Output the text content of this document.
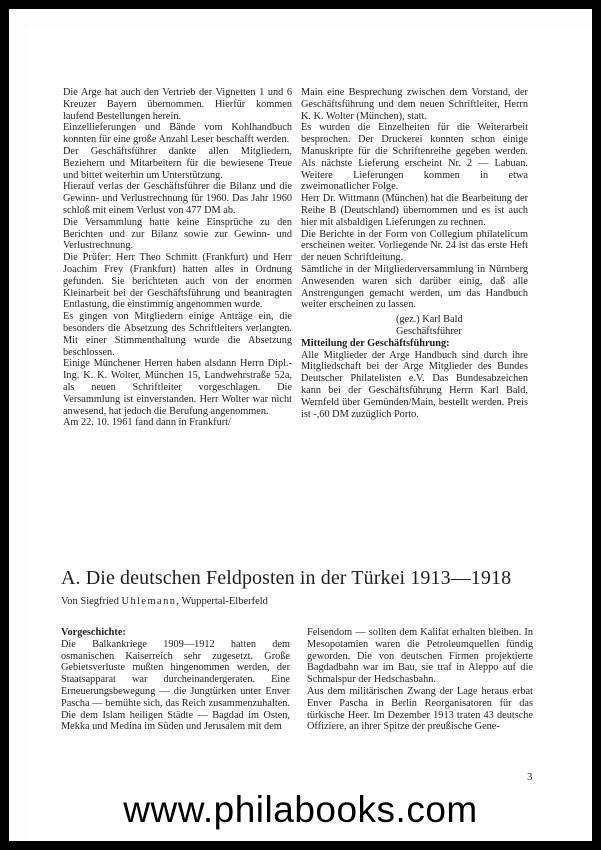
Die Arge hat auch den Vertrieb der Vignetten 1 und 6 Kreuzer Bayern übernommen. Hierfür kommen laufend Bestellungen herein.

Einzellieferungen und Bände vom Kohlhandbuch konnten für eine große Anzahl Leser beschafft werden.

Der Geschäftsführer dankte allen Mitgliedern, Beziehern und Mitarbeitern für die bewiesene Treue und bittet weiterhin um Unterstützung.

Hierauf verlas der Geschäftsführer die Bilanz und die Gewinn- und Verlustrechnung für 1960. Das Jahr 1960 schloß mit einem Verlust von 477 DM ab.

Die Versammlung hatte keine Einsprüche zu den Berichten und zur Bilanz sowie zur Gewinn- und Verlustrechnung.

Die Prüfer: Herr Theo Schmitt (Frankfurt) und Herr Joachim Frey (Frankfurt) hatten alles in Ordnung gefunden. Sie berichteten auch von der enormen Kleinarbeit bei der Geschäftsführung und beantragten Entlastung, die einstimmig angenommen wurde.

Es gingen von Mitgliedern einige Anträge ein, die besonders die Absetzung des Schriftleiters verlangten. Mit einer Stimmenthaltung wurde die Absetzung beschlossen.

Einige Münchener Herren haben alsdann Herrn Dipl.-Ing. K. K. Wolter, München 15, Landwehrstraße 52a, als neuen Schriftleiter vorgeschlagen. Die Versammlung ist einverstanden. Herr Wolter war nicht anwesend, hat jedoch die Berufung angenommen.

Am 22. 10. 1961 fand dann in Frankfurt/

Main eine Besprechung zwischen dem Vorstand, der Geschäftsführung und dem neuen Schriftleiter, Herrn K. K. Wolter (München), statt.

Es wurden die Einzelheiten für die Weiterarbeit besprochen. Der Druckerei konnten schon einige Manuskripte für die Schriftenreihe gegeben werden. Als nächste Lieferung erscheint Nr. 2 — Labuan. Weitere Lieferungen kommen in etwa zweimonatlicher Folge.

Herr Dr. Wittmann (München) hat die Bearbeitung der Reihe B (Deutschland) übernommen und es ist auch hier mit alsbaldigen Lieferungen zu rechnen.

Die Berichte in der Form von Collegium philatelicum erscheinen weiter. Vorliegende Nr. 24 ist das erste Heft der neuen Schriftleitung.

Sämtliche in der Mitgliederversammlung in Nürnberg Anwesenden waren sich darüber einig, daß alle Anstrengungen gemacht werden, um das Handbuch weiter erscheinen zu lassen.

(gez.) Karl Bald

Geschäftsführer

Mitteilung der Geschäftsführung:

Alle Mitglieder der Arge Handbuch sind durch ihre Mitgliedschaft bei der Arge Mitglieder des Bundes Deutscher Philatelisten e.V. Das Bundesabzeichen kann bei der Geschäftsführung Herrn Karl Bald, Wernfeld über Gemünden/Main, bestellt werden. Preis ist -,60 DM zuzüglich Porto.

A. Die deutschen Feldposten in der Türkei 1913—1918
Von Siegfried Uhlemann, Wuppertal-Elberfeld

Vorgeschichte:

Die Balkankriege 1909—1912 hatten dem osmanischen Kaiserreich sehr zugesetzt. Große Gebietsverluste mußten hingenommen werden, der Staatsapparat war durcheinandergeraten. Eine Erneuerungsbewegung — die Jungtürken unter Enver Pascha — bemühte sich, das Reich zusammenzuhalten. Die dem Islam heiligen Städte — Bagdad im Osten, Mekka und Medina im Süden und Jerusalem mit dem

Felsendom — sollten dem Kalifat erhalten bleiben. In Mesopotamien waren die Petroleumquellen fündig geworden. Die von deutschen Firmen projektierte Bagdadbahn war im Bau, sie traf in Aleppo auf die Schmalspur der Hedschasbahn.

Aus dem militärischen Zwang der Lage heraus erbat Enver Pascha in Berlin Reorganisatoren für das türkische Heer. Im Dezember 1913 traten 43 deutsche Offiziere, an ihrer Spitze der preußische Gene-

3
www.philabooks.com
